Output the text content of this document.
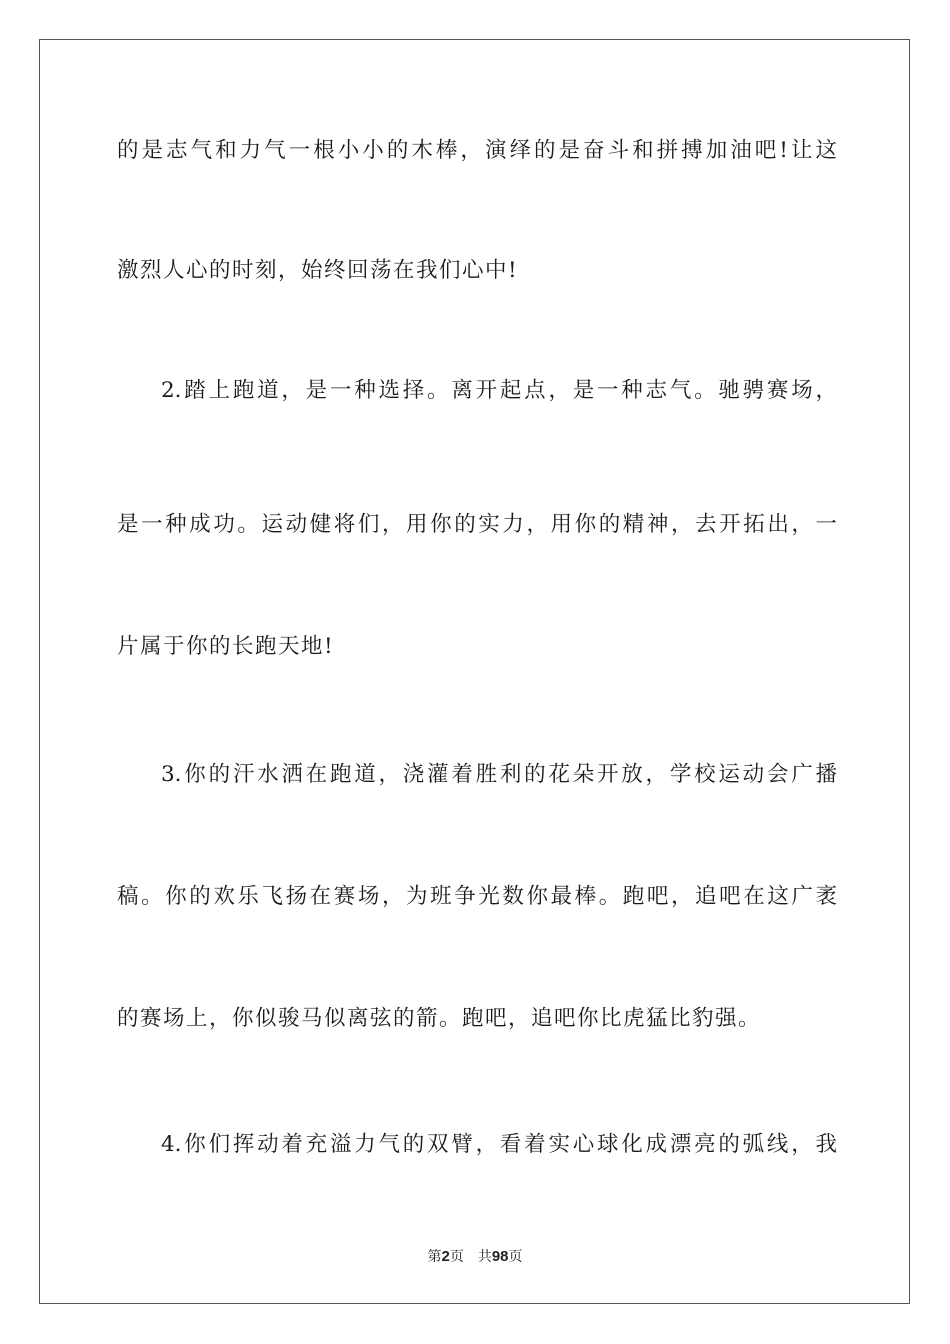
的是志气和力气一根小小的木棒，演绎的是奋斗和拼搏加油吧!让这
激烈人心的时刻，始终回荡在我们心中!
2.踏上跑道，是一种选择。离开起点，是一种志气。驰骋赛场，
是一种成功。运动健将们，用你的实力，用你的精神，去开拓出，一
片属于你的长跑天地!
3.你的汗水洒在跑道，浇灌着胜利的花朵开放，学校运动会广播
稿。你的欢乐飞扬在赛场，为班争光数你最棒。跑吧，追吧在这广袤
的赛场上，你似骏马似离弦的箭。跑吧，追吧你比虎猛比豹强。
4.你们挥动着充溢力气的双臂，看着实心球化成漂亮的弧线，我
第2页 共98页
